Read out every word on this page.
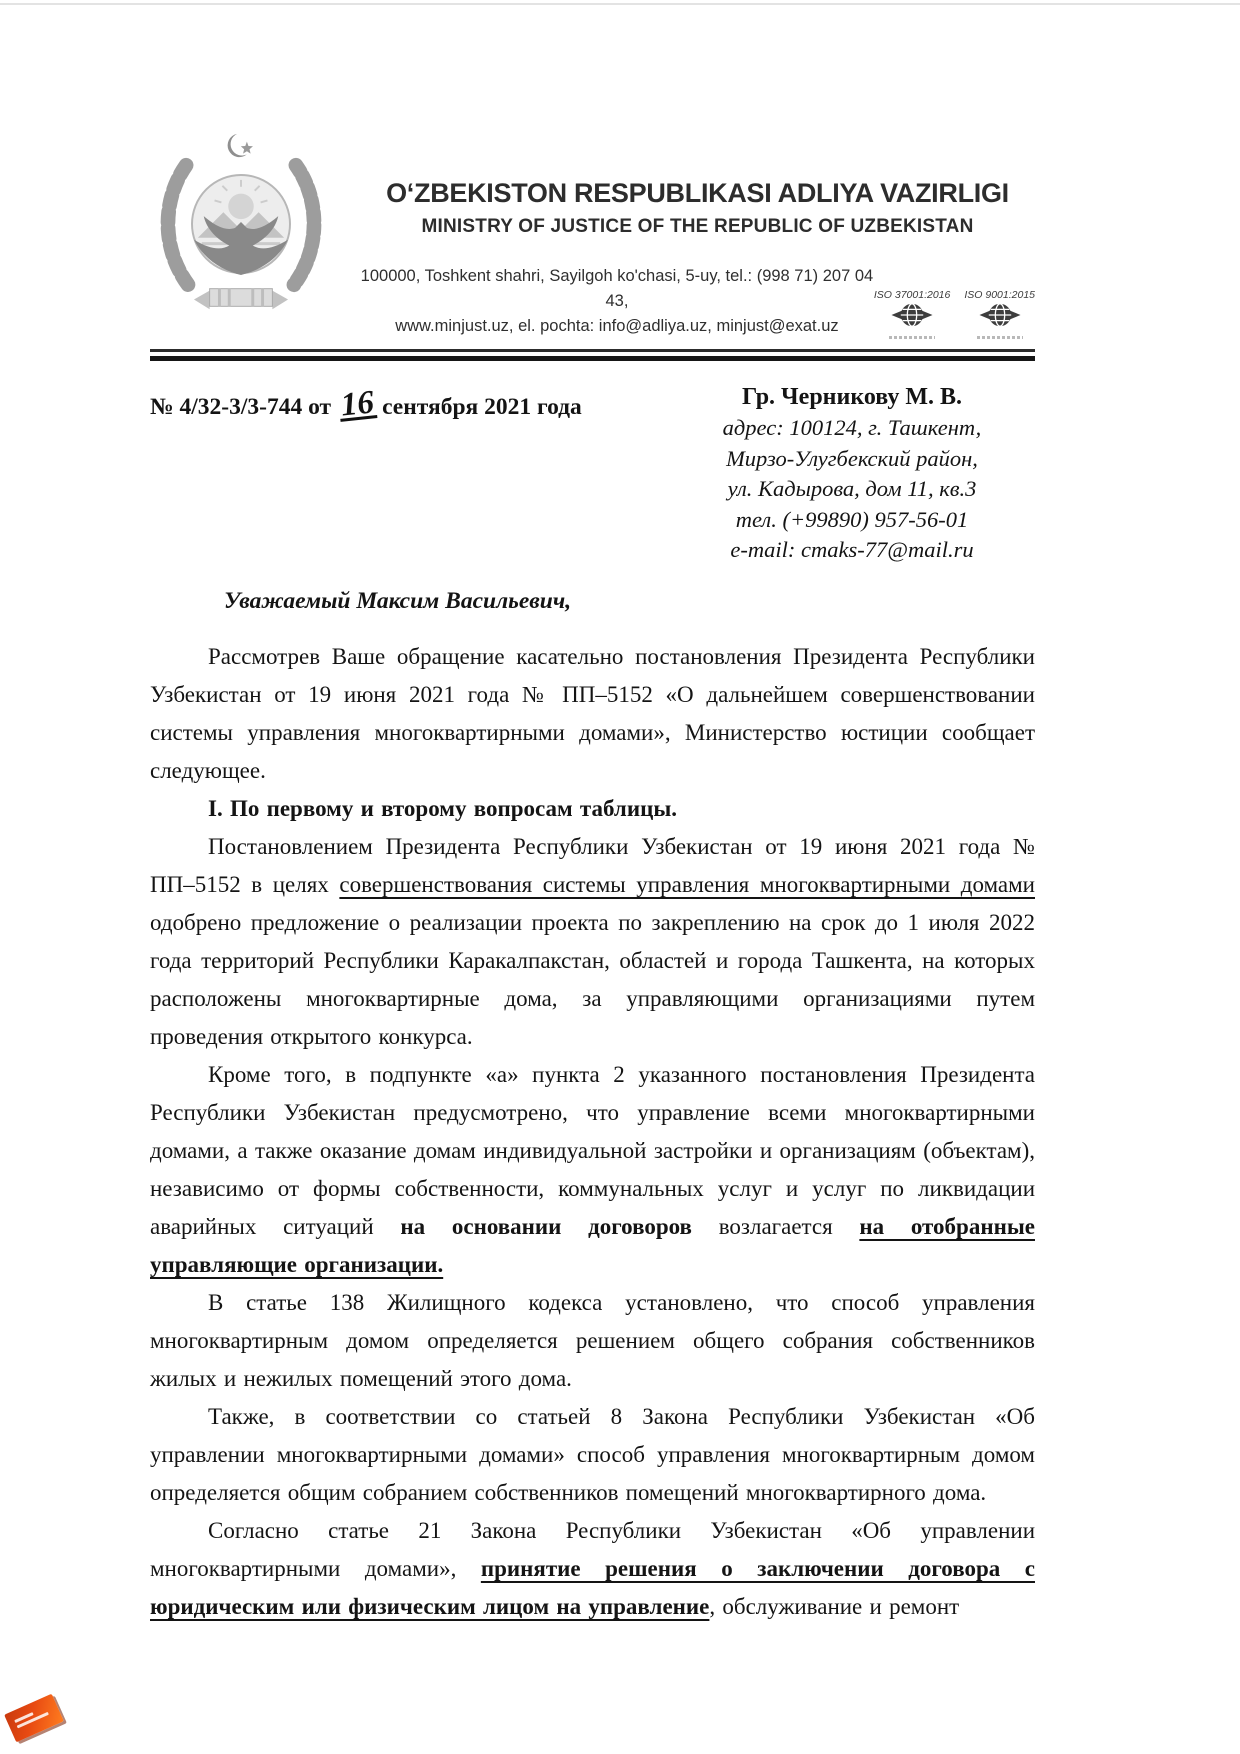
O‘ZBEKISTON RESPUBLIKASI ADLIYA VAZIRLIGI
MINISTRY OF JUSTICE OF THE REPUBLIC OF UZBEKISTAN
100000, Toshkent shahri, Sayilgoh ko'chasi, 5-uy, tel.: (998 71) 207 04 43,
www.minjust.uz, el. pochta: info@adliya.uz, minjust@exat.uz
ISO 37001:2016 ISO 9001:2015
№ 4/32-3/3-744 от 16 сентября 2021 года	Гр. Черникову М. В.
адрес: 100124, г. Ташкент,
Мирзо-Улугбекский район,
ул. Кадырова, дом 11, кв.3
тел. (+99890) 957-56-01
e-mail: cmaks-77@mail.ru
Уважаемый Максим Васильевич,

Рассмотрев Ваше обращение касательно постановления Президента Республики Узбекистан от 19 июня 2021 года № ПП–5152 «О дальнейшем совершенствовании системы управления многоквартирными домами», Министерство юстиции сообщает следующее.

I. По первому и второму вопросам таблицы.

Постановлением Президента Республики Узбекистан от 19 июня 2021 года № ПП–5152 в целях совершенствования системы управления многоквартирными домами одобрено предложение о реализации проекта по закреплению на срок до 1 июля 2022 года территорий Республики Каракалпакстан, областей и города Ташкента, на которых расположены многоквартирные дома, за управляющими организациями путем проведения открытого конкурса.

Кроме того, в подпункте «а» пункта 2 указанного постановления Президента Республики Узбекистан предусмотрено, что управление всеми многоквартирными домами, а также оказание домам индивидуальной застройки и организациям (объектам), независимо от формы собственности, коммунальных услуг и услуг по ликвидации аварийных ситуаций на основании договоров возлагается на отобранные управляющие организации.

В статье 138 Жилищного кодекса установлено, что способ управления многоквартирным домом определяется решением общего собрания собственников жилых и нежилых помещений этого дома.

Также, в соответствии со статьей 8 Закона Республики Узбекистан «Об управлении многоквартирными домами» способ управления многоквартирным домом определяется общим собранием собственников помещений многоквартирного дома.

Согласно статье 21 Закона Республики Узбекистан «Об управлении многоквартирными домами», принятие решения о заключении договора с юридическим или физическим лицом на управление, обслуживание и ремонт
